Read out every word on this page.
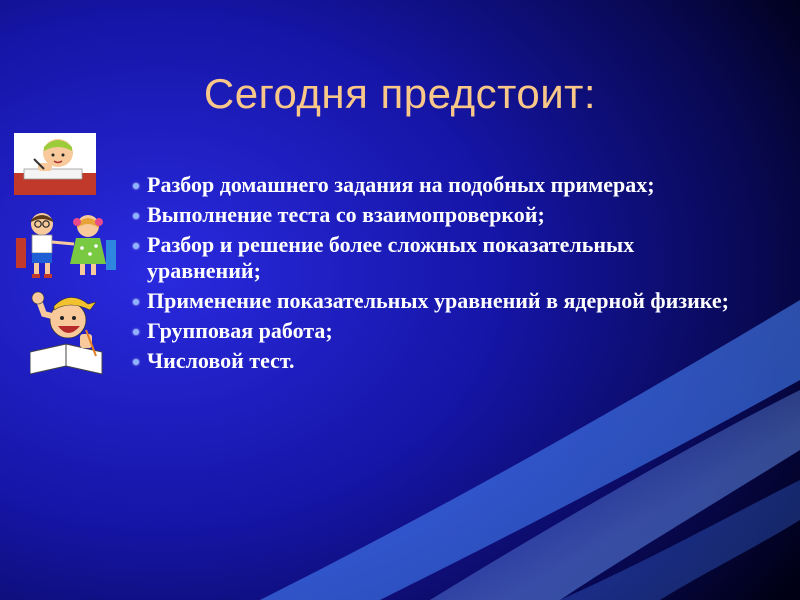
Сегодня предстоит:
Разбор домашнего задания на подобных примерах;
Выполнение теста со взаимопроверкой;
Разбор и решение более сложных показательных уравнений;
Применение показательных уравнений в ядерной физике;
Групповая работа;
Числовой тест.
